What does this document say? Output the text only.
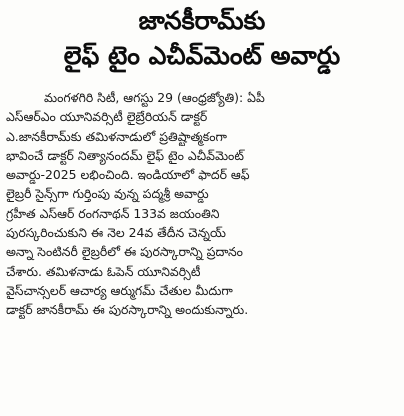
జానకీరామ్‌కు
లైఫ్ టైం ఎచీవ్‌మెంట్ అవార్డు
మంగళగిరి సిటీ, ఆగస్టు 29 (ఆంధ్రజ్యోతి): ఏపీ
ఎస్ఆర్ఎం యూనివర్సిటీ లైబ్రేరియన్ డాక్టర్
ఎ.జానకీరామ్‌కు తమిళనాడులో ప్రతిష్టాత్మకంగా
భావించే డాక్టర్ నిత్యానందమ్ లైఫ్ టైం ఎచీవ్‌మెంట్
అవార్డు-2025 లభించింది. ఇండియాలో ఫాదర్ ఆఫ్
లైబ్రరీ సైన్స్‌గా గుర్తింపు వున్న పద్మశ్రీ అవార్డు
గ్రహీత ఎస్ఆర్ రంగనాథన్ 133వ జయంతిని
పురస్కరించుకుని ఈ నెల 24వ తేదీన చెన్నయ్
అన్నా సెంటినరీ లైబ్రరీలో ఈ పురస్కారాన్ని ప్రదానం
చేశారు. తమిళనాడు ఓపెన్ యూనివర్సిటీ
వైస్‌చాన్సలర్ ఆచార్య ఆర్ముగమ్ చేతుల మీదుగా
డాక్టర్ జానకీరామ్ ఈ పురస్కారాన్ని అందుకున్నారు.
